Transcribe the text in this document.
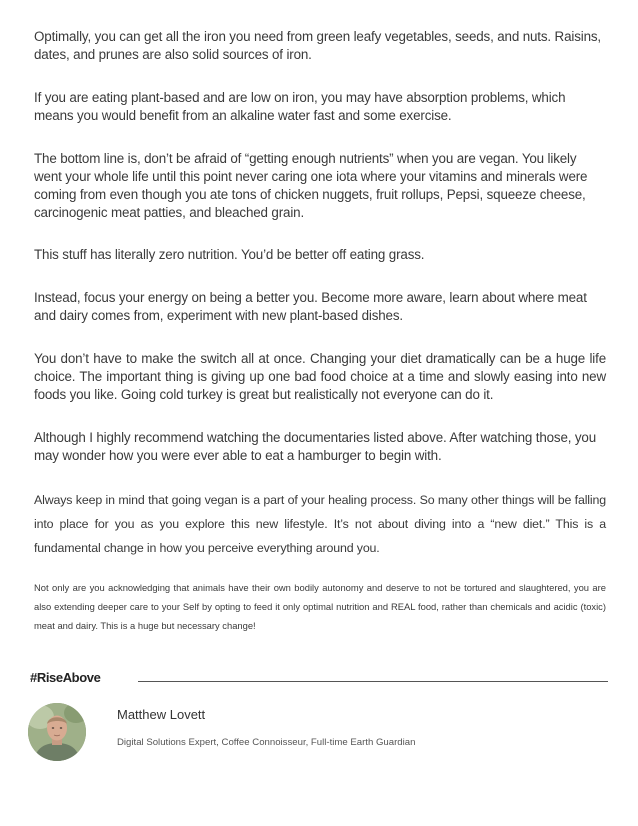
Optimally, you can get all the iron you need from green leafy vegetables, seeds, and nuts. Raisins, dates, and prunes are also solid sources of iron.

If you are eating plant-based and are low on iron, you may have absorption problems, which means you would benefit from an alkaline water fast and some exercise.

The bottom line is, don’t be afraid of “getting enough nutrients” when you are vegan. You likely went your whole life until this point never caring one iota where your vitamins and minerals were coming from even though you ate tons of chicken nuggets, fruit rollups, Pepsi, squeeze cheese, carcinogenic meat patties, and bleached grain.

This stuff has literally zero nutrition. You’d be better off eating grass.

Instead, focus your energy on being a better you. Become more aware, learn about where meat and dairy comes from, experiment with new plant-based dishes.

You don’t have to make the switch all at once. Changing your diet dramatically can be a huge life choice. The important thing is giving up one bad food choice at a time and slowly easing into new foods you like. Going cold turkey is great but realistically not everyone can do it.

Although I highly recommend watching the documentaries listed above. After watching those, you may wonder how you were ever able to eat a hamburger to begin with.

Always keep in mind that going vegan is a part of your healing process. So many other things will be falling into place for you as you explore this new lifestyle. It’s not about diving into a “new diet.” This is a fundamental change in how you perceive everything around you.

Not only are you acknowledging that animals have their own bodily autonomy and deserve to not be tortured and slaughtered, you are also extending deeper care to your Self by opting to feed it only optimal nutrition and REAL food, rather than chemicals and acidic (toxic) meat and dairy. This is a huge but necessary change!

#RiseAbove
Matthew Lovett
Digital Solutions Expert, Coffee Connoisseur, Full-time Earth Guardian
